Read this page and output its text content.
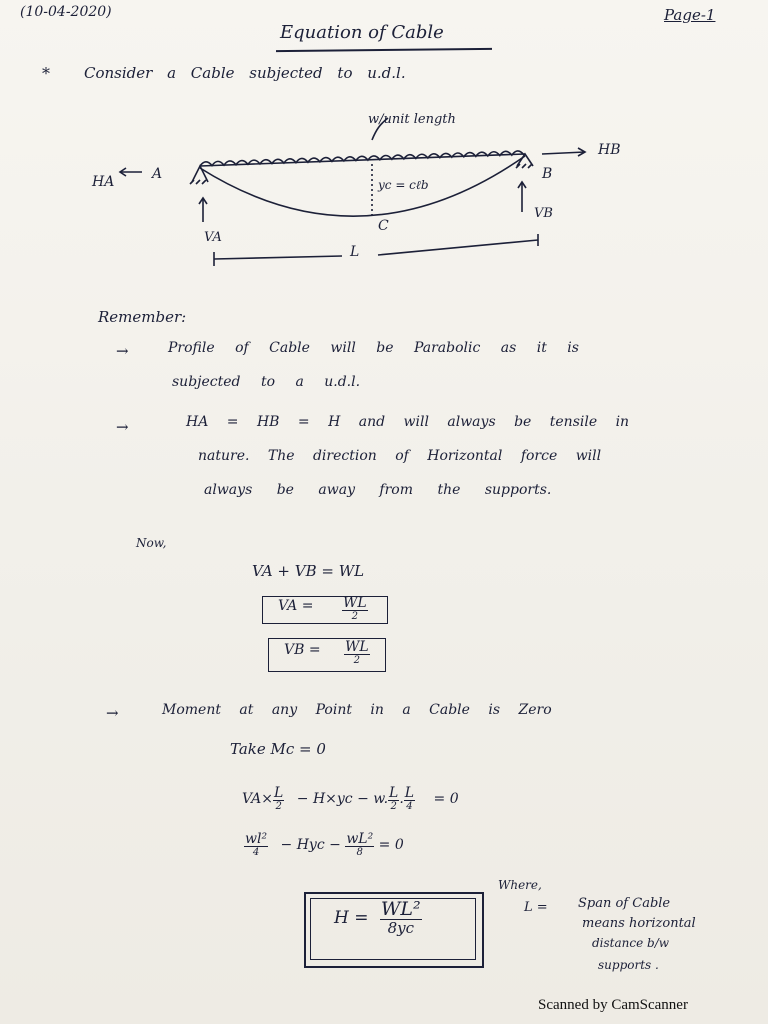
(10-04-2020)	Page-1
Equation of Cable
* Consider a Cable subjected to u.d.l.
w/unit length
HA	A
HB
B
yc = cℓb
C
VA
VB
L
Remember:
→	Profile of Cable will be Parabolic as it is
subjected to a u.d.l.
→	HA = HB = H and will always be tensile in
nature. The direction of Horizontal force will
always be away from the supports.
Now,
VA + VB = WL
VA = $\frac{WL}{2}$
VB = $\frac{WL}{2}$
→	Moment at any Point in a Cable is Zero
Take Mc = 0
$VA\times \frac{L}{2} - H\times yc - w$. $\frac{L}{2}$ . $\frac{L}{4} = 0$
$\frac{\text{wl²}}{4}$ − Hyc − $\frac{\text{wL²}}{8} = 0$
$H = \frac{\text{WL²}}{8yc}$
Where,
L = Span of Cable
means horizontal
distance b/w
supports .
Scanned by CamScanner
